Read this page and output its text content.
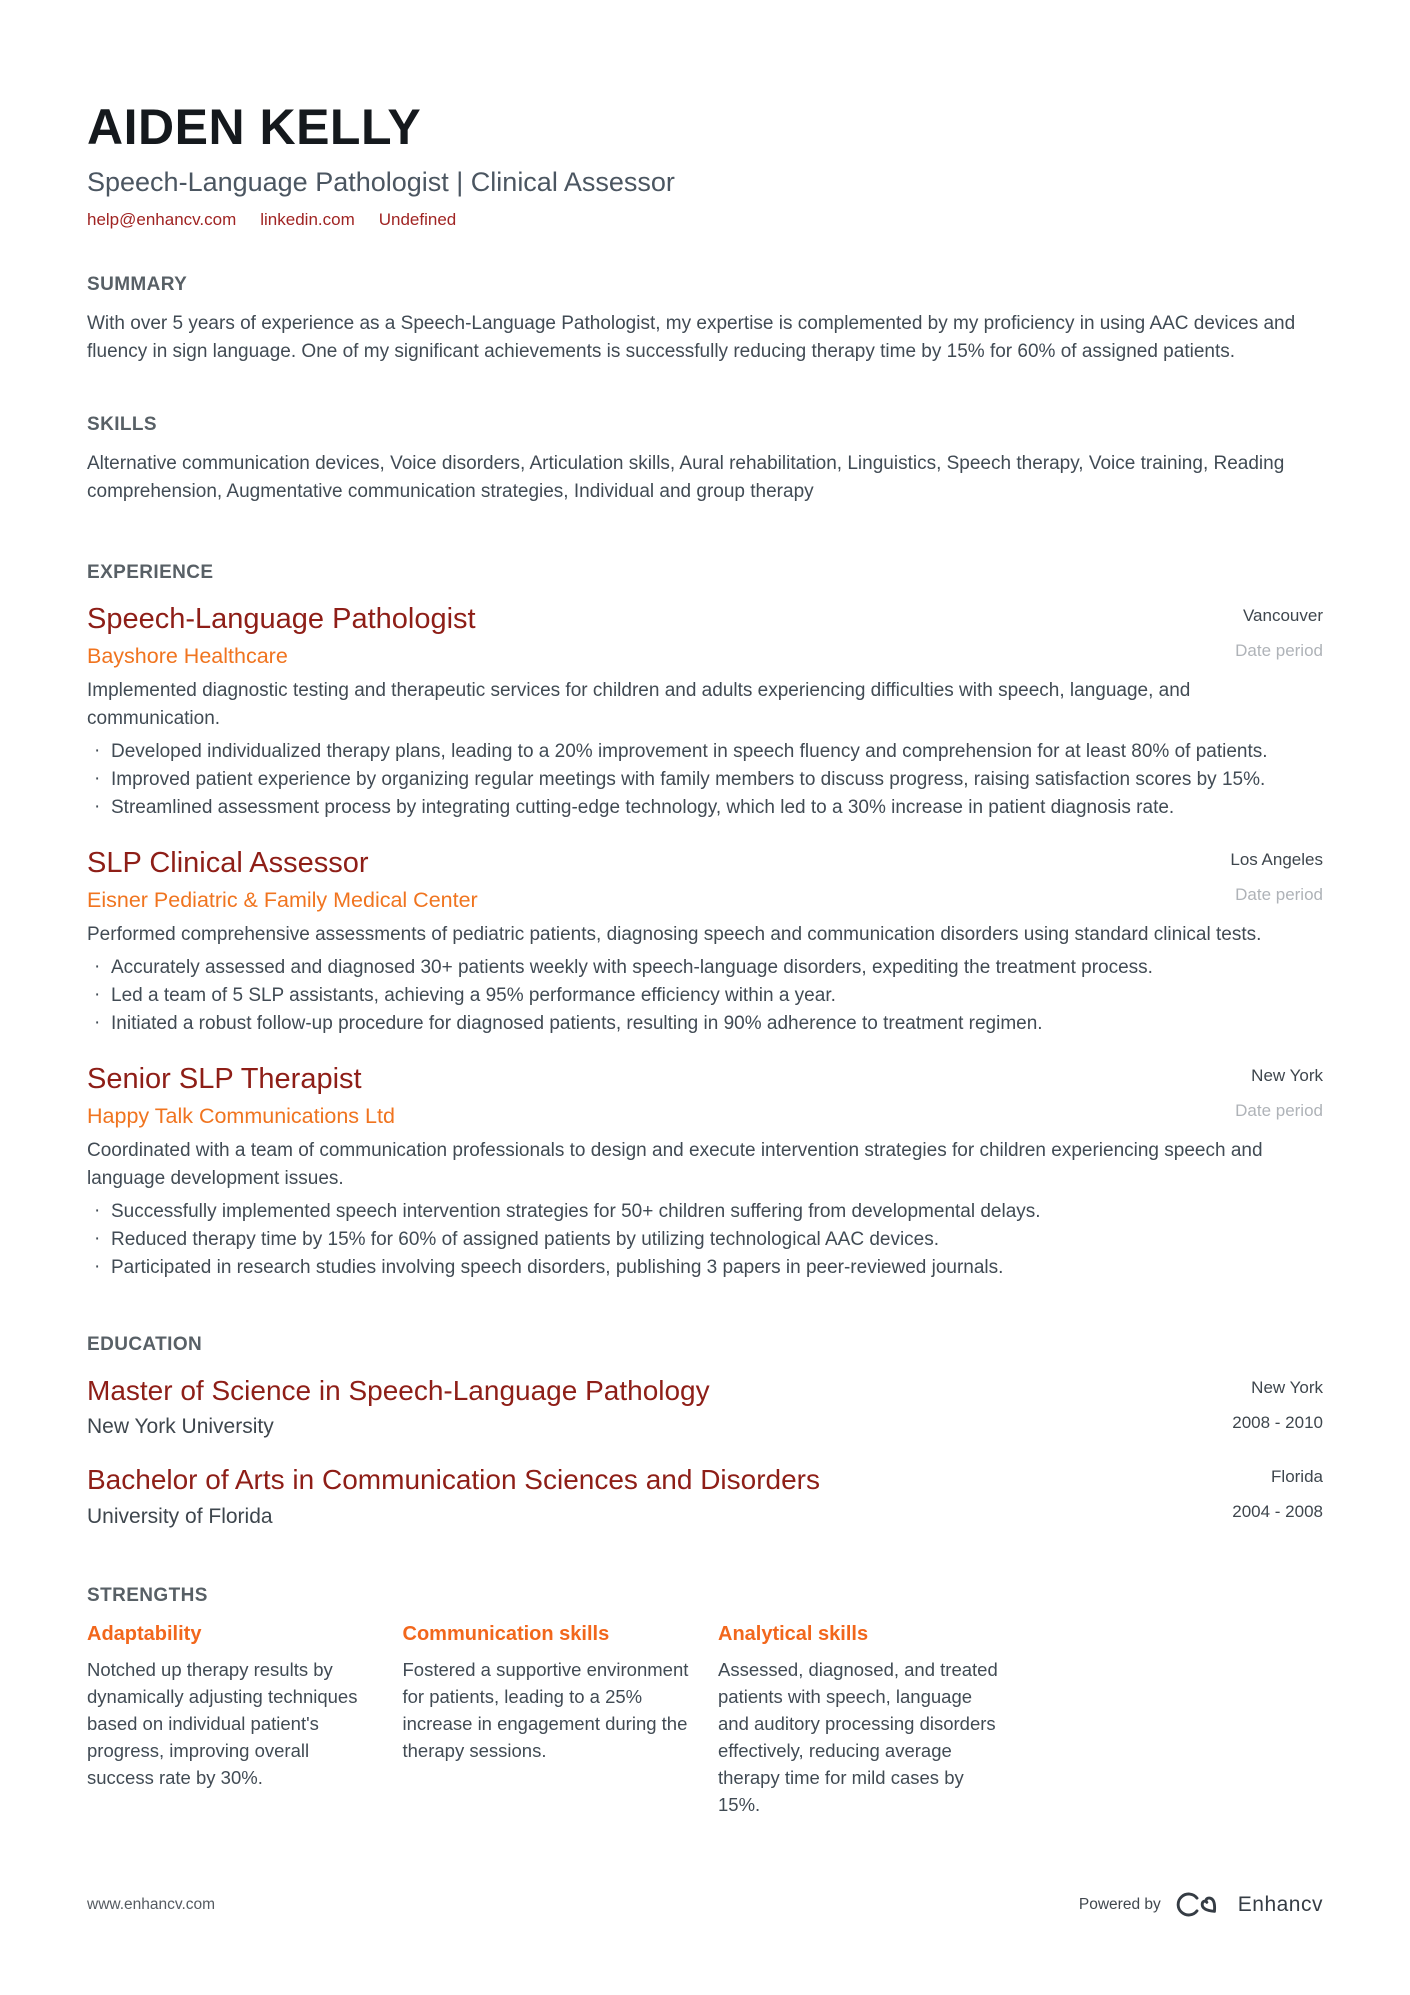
AIDEN KELLY
Speech-Language Pathologist | Clinical Assessor
help@enhancv.com linkedin.com Undefined
SUMMARY

With over 5 years of experience as a Speech-Language Pathologist, my expertise is complemented by my proficiency in using AAC devices and fluency in sign language. One of my significant achievements is successfully reducing therapy time by 15% for 60% of assigned patients.

SKILLS

Alternative communication devices, Voice disorders, Articulation skills, Aural rehabilitation, Linguistics, Speech therapy, Voice training, Reading comprehension, Augmentative communication strategies, Individual and group therapy

EXPERIENCE
Speech-Language Pathologist
Bayshore Healthcare
Vancouver
Date period

Implemented diagnostic testing and therapeutic services for children and adults experiencing difficulties with speech, language, and communication.

· Developed individualized therapy plans, leading to a 20% improvement in speech fluency and comprehension for at least 80% of patients.
· Improved patient experience by organizing regular meetings with family members to discuss progress, raising satisfaction scores by 15%.
· Streamlined assessment process by integrating cutting-edge technology, which led to a 30% increase in patient diagnosis rate.
SLP Clinical Assessor
Eisner Pediatric & Family Medical Center
Los Angeles
Date period

Performed comprehensive assessments of pediatric patients, diagnosing speech and communication disorders using standard clinical tests.

· Accurately assessed and diagnosed 30+ patients weekly with speech-language disorders, expediting the treatment process.
· Led a team of 5 SLP assistants, achieving a 95% performance efficiency within a year.
· Initiated a robust follow-up procedure for diagnosed patients, resulting in 90% adherence to treatment regimen.
Senior SLP Therapist
Happy Talk Communications Ltd
New York
Date period

Coordinated with a team of communication professionals to design and execute intervention strategies for children experiencing speech and language development issues.

· Successfully implemented speech intervention strategies for 50+ children suffering from developmental delays.
· Reduced therapy time by 15% for 60% of assigned patients by utilizing technological AAC devices.
· Participated in research studies involving speech disorders, publishing 3 papers in peer-reviewed journals.
EDUCATION
Master of Science in Speech-Language Pathology
New York University
New York
2008 - 2010
Bachelor of Arts in Communication Sciences and Disorders
University of Florida
Florida
2004 - 2008
STRENGTHS
Adaptability

Notched up therapy results by dynamically adjusting techniques based on individual patient's progress, improving overall success rate by 30%.

Communication skills

Fostered a supportive environment for patients, leading to a 25% increase in engagement during the therapy sessions.

Analytical skills

Assessed, diagnosed, and treated patients with speech, language and auditory processing disorders effectively, reducing average therapy time for mild cases by 15%.

www.enhancv.com	Powered by	Enhancv
